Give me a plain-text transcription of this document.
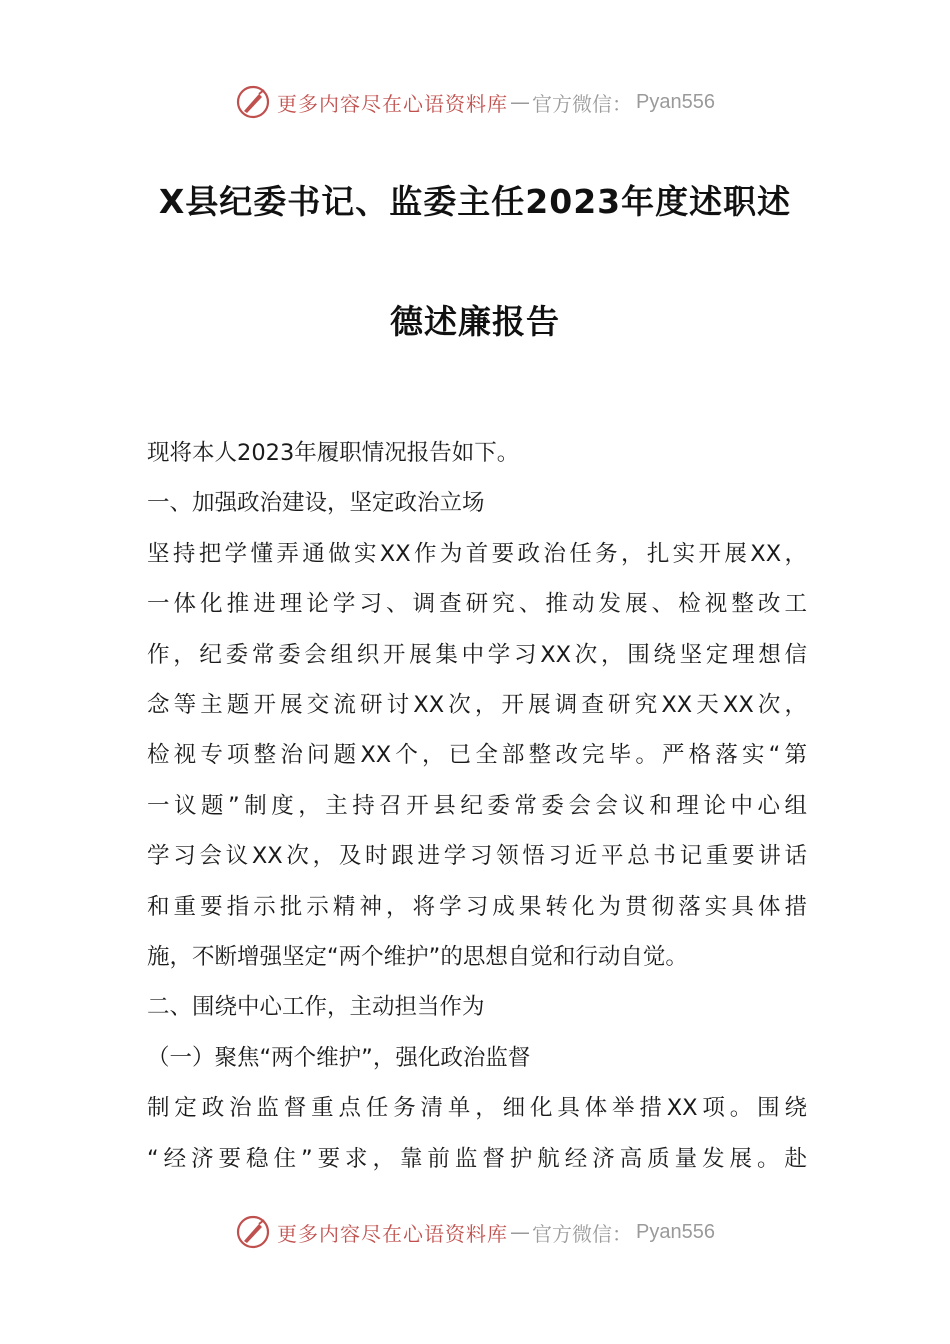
更多内容尽在心语资料库 — 官方微信： Pyan556
X县纪委书记、监委主任2023年度述职述
德述廉报告

现将本人2023年履职情况报告如下。

一、加强政治建设，坚定政治立场

坚持把学懂弄通做实XX作为首要政治任务，扎实开展XX，

一体化推进理论学习、调查研究、推动发展、检视整改工

作，纪委常委会组织开展集中学习XX次，围绕坚定理想信

念等主题开展交流研讨XX次，开展调查研究XX天XX次，

检视专项整治问题XX个，已全部整改完毕。严格落实“第

一议题”制度，主持召开县纪委常委会会议和理论中心组

学习会议XX次，及时跟进学习领悟习近平总书记重要讲话

和重要指示批示精神，将学习成果转化为贯彻落实具体措

施，不断增强坚定“两个维护”的思想自觉和行动自觉。

二、围绕中心工作，主动担当作为

（一）聚焦“两个维护”，强化政治监督

制定政治监督重点任务清单，细化具体举措XX项。围绕

“经济要稳住”要求，靠前监督护航经济高质量发展。赴

更多内容尽在心语资料库 — 官方微信： Pyan556
